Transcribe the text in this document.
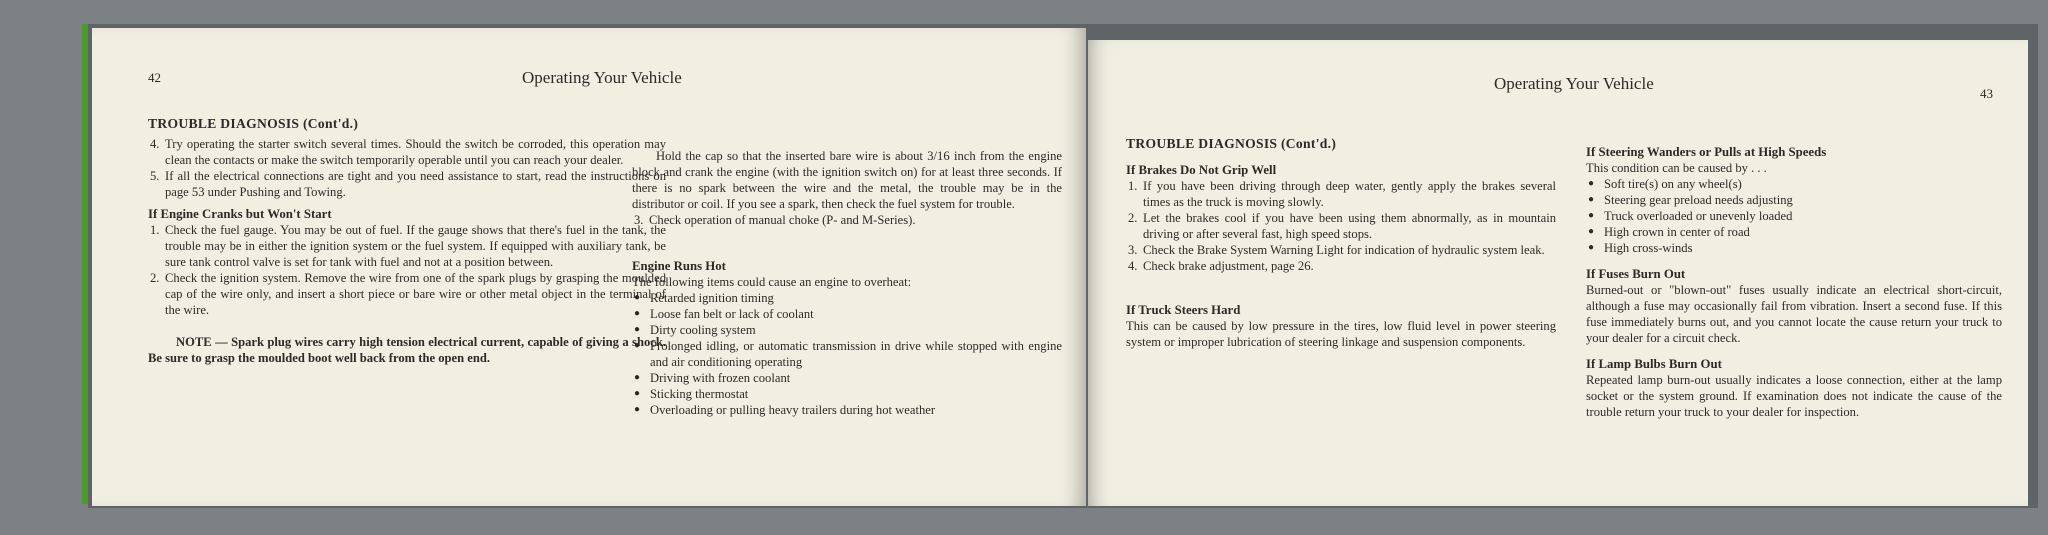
42	Operating Your Vehicle

TROUBLE DIAGNOSIS (Cont'd.)

4. Try operating the starter switch several times. Should the switch be corroded, this operation may clean the contacts or make the switch temporarily operable until you can reach your dealer.

5. If all the electrical connections are tight and you need assistance to start, read the instructions on page 53 under Pushing and Towing.

If Engine Cranks but Won't Start

1. Check the fuel gauge. You may be out of fuel. If the gauge shows that there's fuel in the tank, the trouble may be in either the ignition system or the fuel system. If equipped with auxiliary tank, be sure tank control valve is set for tank with fuel and not at a position between.

2. Check the ignition system. Remove the wire from one of the spark plugs by grasping the moulded cap of the wire only, and insert a short piece or bare wire or other metal object in the terminal of the wire.

NOTE — Spark plug wires carry high tension electrical current, capable of giving a shock. Be sure to grasp the moulded boot well back from the open end.

Hold the cap so that the inserted bare wire is about 3/16 inch from the engine block and crank the engine (with the ignition switch on) for at least three seconds. If there is no spark between the wire and the metal, the trouble may be in the distributor or coil. If you see a spark, then check the fuel system for trouble.

3. Check operation of manual choke (P- and M-Series).

Engine Runs Hot

The following items could cause an engine to overheat:

● Retarded ignition timing

● Loose fan belt or lack of coolant

● Dirty cooling system

● Prolonged idling, or automatic transmission in drive while stopped with engine and air conditioning operating

● Driving with frozen coolant

● Sticking thermostat

● Overloading or pulling heavy trailers during hot weather

Operating Your Vehicle
43

TROUBLE DIAGNOSIS (Cont'd.)

If Brakes Do Not Grip Well

1. If you have been driving through deep water, gently apply the brakes several times as the truck is moving slowly.

2. Let the brakes cool if you have been using them abnormally, as in mountain driving or after several fast, high speed stops.

3. Check the Brake System Warning Light for indication of hydraulic system leak.

4. Check brake adjustment, page 26.

If Truck Steers Hard

This can be caused by low pressure in the tires, low fluid level in power steering system or improper lubrication of steering linkage and suspension components.

If Steering Wanders or Pulls at High Speeds

This condition can be caused by . . .

● Soft tire(s) on any wheel(s)

● Steering gear preload needs adjusting

● Truck overloaded or unevenly loaded

● High crown in center of road

● High cross-winds

If Fuses Burn Out

Burned-out or "blown-out" fuses usually indicate an electrical short-circuit, although a fuse may occasionally fail from vibration. Insert a second fuse. If this fuse immediately burns out, and you cannot locate the cause return your truck to your dealer for a circuit check.

If Lamp Bulbs Burn Out

Repeated lamp burn-out usually indicates a loose connection, either at the lamp socket or the system ground. If examination does not indicate the cause of the trouble return your truck to your dealer for inspection.
